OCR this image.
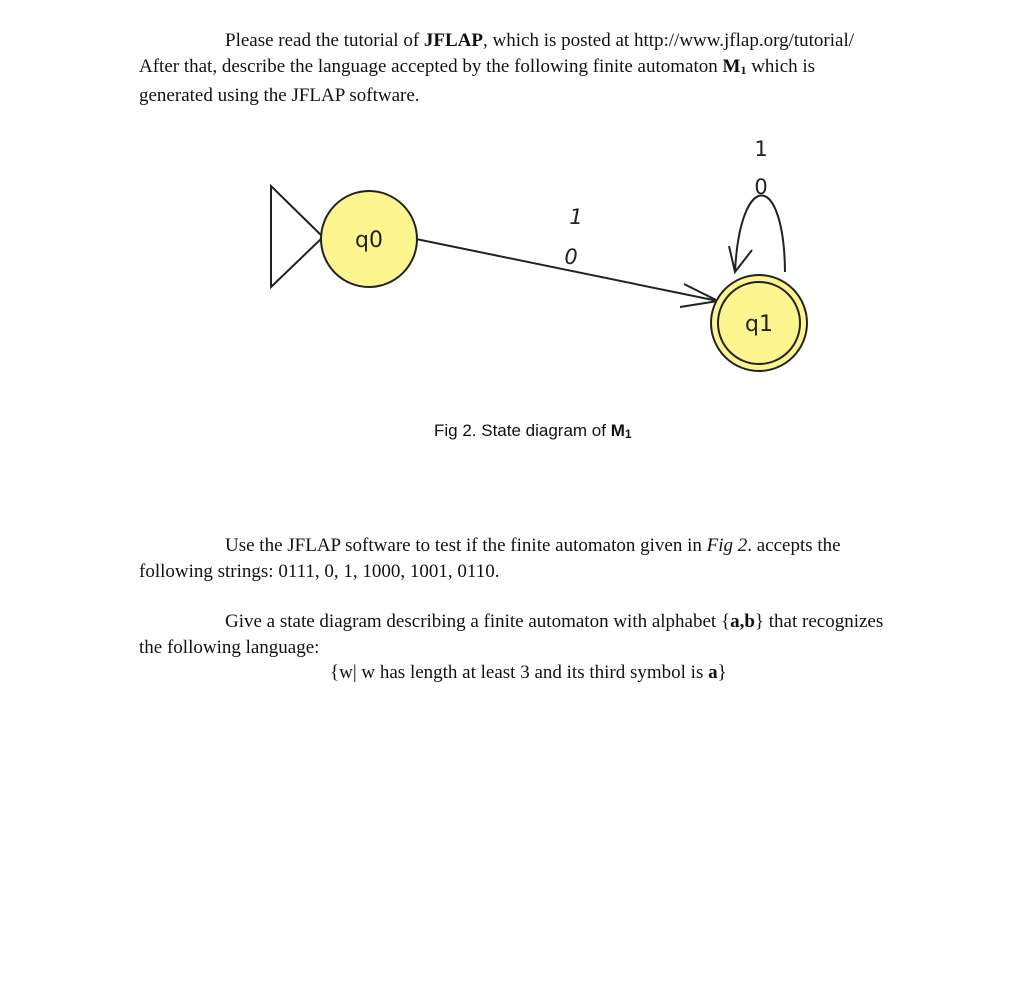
Please read the tutorial of JFLAP, which is posted at http://www.jflap.org/tutorial/
After that, describe the language accepted by the following finite automaton $M_1$ which is
generated using the JFLAP software.

q0
q1
1
0
1
0

Fig 2. State diagram of $M_1$

Use the JFLAP software to test if the finite automaton given in Fig 2. accepts the
following strings: 0111, 0, 1, 1000, 1001, 0110.

Give a state diagram describing a finite automaton with alphabet {a,b} that recognizes
the following language:

{w| w has length at least 3 and its third symbol is a}
